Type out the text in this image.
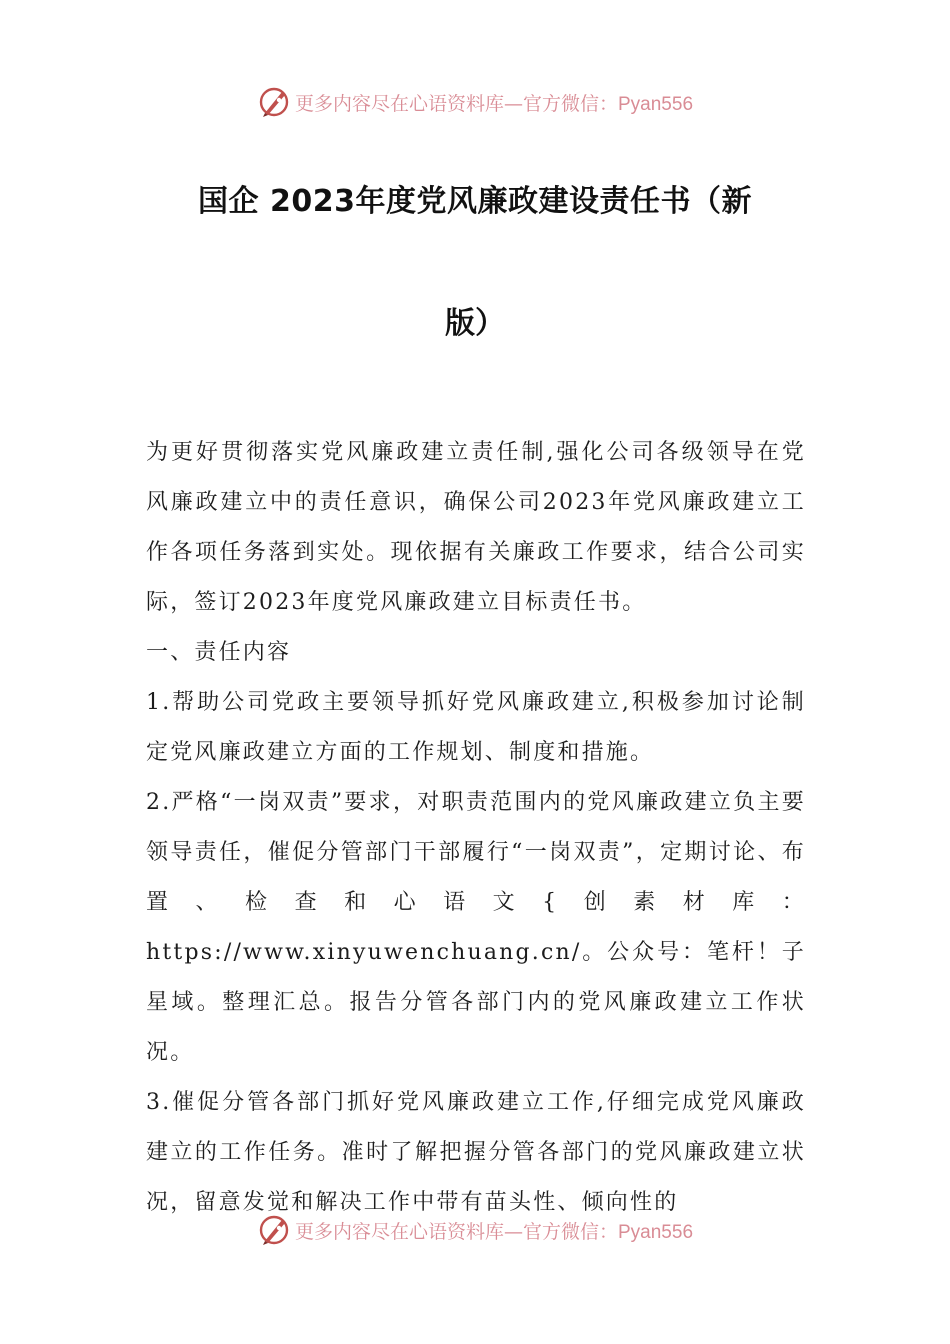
更多内容尽在心语资料库—官方微信：Pyan556
国企 2023年度党风廉政建设责任书（新
版）

为更好贯彻落实党风廉政建立责任制,强化公司各级领导在党风廉政建立中的责任意识，确保公司2023年党风廉政建立工作各项任务落到实处。现依据有关廉政工作要求，结合公司实际，签订2023年度党风廉政建立目标责任书。

一、责任内容

1.帮助公司党政主要领导抓好党风廉政建立,积极参加讨论制定党风廉政建立方面的工作规划、制度和措施。

2.严格“一岗双责”要求，对职责范围内的党风廉政建立负主要领导责任，催促分管部门干部履行“一岗双责”，定期讨论、布置、检查和心语文{创素材库：https://www.xinyuwenchuang.cn/。公众号：笔杆！子星域。整理汇总。报告分管各部门内的党风廉政建立工作状况。

3.催促分管各部门抓好党风廉政建立工作,仔细完成党风廉政建立的工作任务。准时了解把握分管各部门的党风廉政建立状况，留意发觉和解决工作中带有苗头性、倾向性的

更多内容尽在心语资料库—官方微信：Pyan556
